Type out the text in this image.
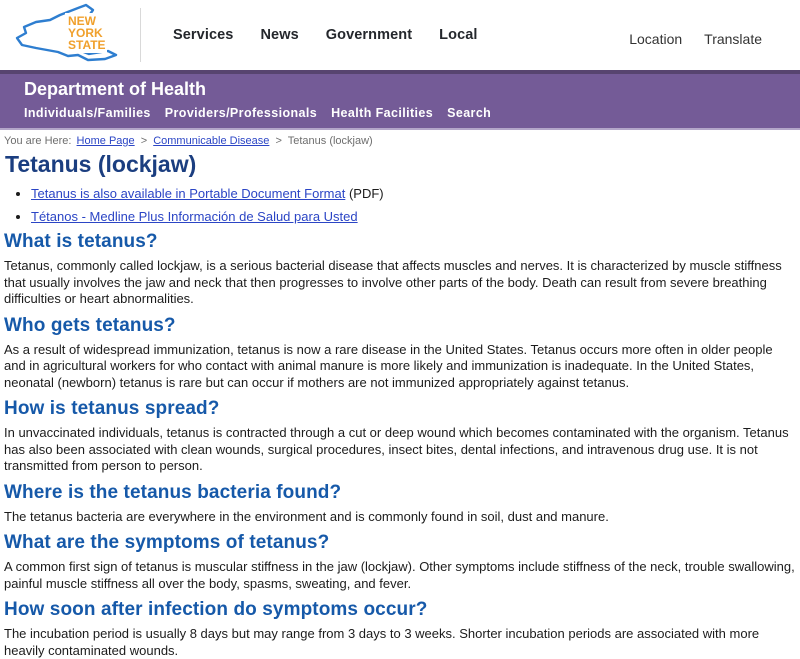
NEW
YORK
STATE
Services News Government Local	Location Translate
Department of Health
Individuals/Families Providers/Professionals Health Facilities Search
You are Here: Home Page > Communicable Disease > Tetanus (lockjaw)
Tetanus (lockjaw)
• Tetanus is also available in Portable Document Format (PDF)
• Tétanos - Medline Plus Información de Salud para Usted
What is tetanus?

Tetanus, commonly called lockjaw, is a serious bacterial disease that affects muscles and nerves. It is characterized by muscle stiffness that usually involves the jaw and neck that then progresses to involve other parts of the body. Death can result from severe breathing difficulties or heart abnormalities.

Who gets tetanus?

As a result of widespread immunization, tetanus is now a rare disease in the United States. Tetanus occurs more often in older people and in agricultural workers for who contact with animal manure is more likely and immunization is inadequate. In the United States, neonatal (newborn) tetanus is rare but can occur if mothers are not immunized appropriately against tetanus.

How is tetanus spread?

In unvaccinated individuals, tetanus is contracted through a cut or deep wound which becomes contaminated with the organism. Tetanus has also been associated with clean wounds, surgical procedures, insect bites, dental infections, and intravenous drug use. It is not transmitted from person to person.

Where is the tetanus bacteria found?

The tetanus bacteria are everywhere in the environment and is commonly found in soil, dust and manure.

What are the symptoms of tetanus?

A common first sign of tetanus is muscular stiffness in the jaw (lockjaw). Other symptoms include stiffness of the neck, trouble swallowing, painful muscle stiffness all over the body, spasms, sweating, and fever.

How soon after infection do symptoms occur?

The incubation period is usually 8 days but may range from 3 days to 3 weeks. Shorter incubation periods are associated with more heavily contaminated wounds.
